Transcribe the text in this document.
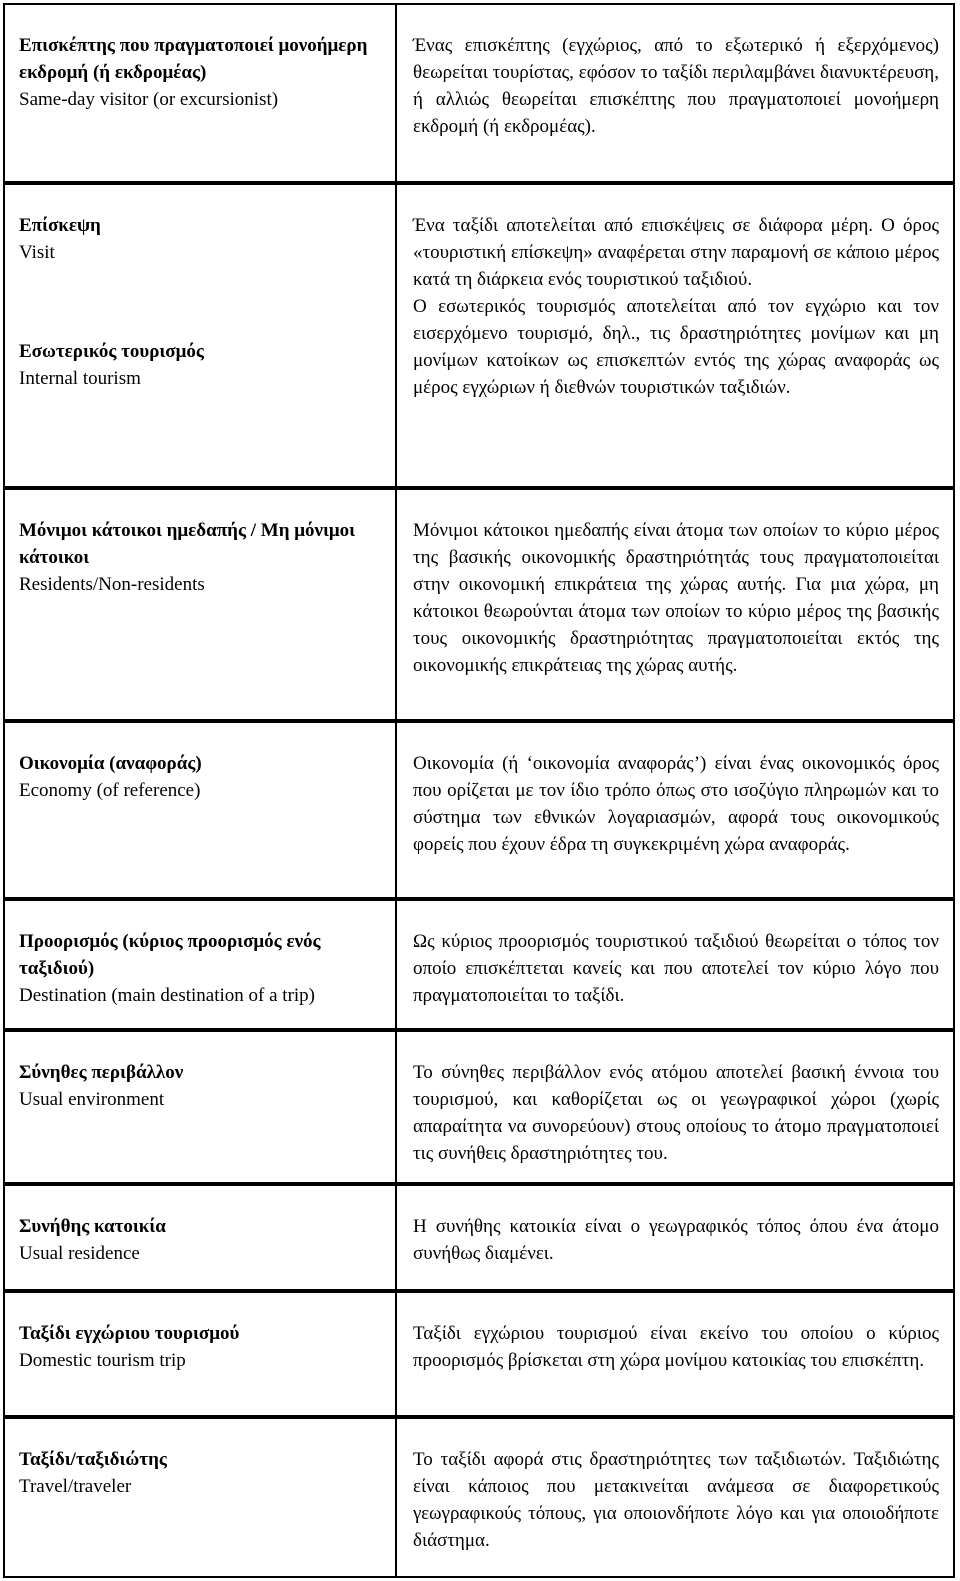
Επισκέπτης που πραγματοποιεί μονοήμερη εκδρομή (ή εκδρομέας)
Same-day visitor (or excursionist)

Ένας επισκέπτης (εγχώριος, από το εξωτερικό ή εξερχόμενος) θεωρείται τουρίστας, εφόσον το ταξίδι περιλαμβάνει διανυκτέρευση, ή αλλιώς θεωρείται επισκέπτης που πραγματοποιεί μονοήμερη εκδρομή (ή εκδρομέας).

Επίσκεψη
Visit
Εσωτερικός τουρισμός
Internal tourism

Ένα ταξίδι αποτελείται από επισκέψεις σε διάφορα μέρη. Ο όρος «τουριστική επίσκεψη» αναφέρεται στην παραμονή σε κάποιο μέρος κατά τη διάρκεια ενός τουριστικού ταξιδιού.

Ο εσωτερικός τουρισμός αποτελείται από τον εγχώριο και τον εισερχόμενο τουρισμό, δηλ., τις δραστηριότητες μονίμων και μη μονίμων κατοίκων ως επισκεπτών εντός της χώρας αναφοράς ως μέρος εγχώριων ή διεθνών τουριστικών ταξιδιών.

Μόνιμοι κάτοικοι ημεδαπής / Μη μόνιμοι κάτοικοι
Residents/Non-residents

Μόνιμοι κάτοικοι ημεδαπής είναι άτομα των οποίων το κύριο μέρος της βασικής οικονομικής δραστηριότητάς τους πραγματοποιείται στην οικονομική επικράτεια της χώρας αυτής. Για μια χώρα, μη κάτοικοι θεωρούνται άτομα των οποίων το κύριο μέρος της βασικής τους οικονομικής δραστηριότητας πραγματοποιείται εκτός της οικονομικής επικράτειας της χώρας αυτής.

Οικονομία (αναφοράς)
Economy (of reference)

Οικονομία (ή ‘οικονομία αναφοράς’) είναι ένας οικονομικός όρος που ορίζεται με τον ίδιο τρόπο όπως στο ισοζύγιο πληρωμών και το σύστημα των εθνικών λογαριασμών, αφορά τους οικονομικούς φορείς που έχουν έδρα τη συγκεκριμένη χώρα αναφοράς.

Προορισμός (κύριος προορισμός ενός ταξιδιού)
Destination (main destination of a trip)

Ως κύριος προορισμός τουριστικού ταξιδιού θεωρείται ο τόπος τον οποίο επισκέπτεται κανείς και που αποτελεί τον κύριο λόγο που πραγματοποιείται το ταξίδι.

Σύνηθες περιβάλλον
Usual environment

Το σύνηθες περιβάλλον ενός ατόμου αποτελεί βασική έννοια του τουρισμού, και καθορίζεται ως οι γεωγραφικοί χώροι (χωρίς απαραίτητα να συνορεύουν) στους οποίους το άτομο πραγματοποιεί τις συνήθεις δραστηριότητες του.

Συνήθης κατοικία
Usual residence

Η συνήθης κατοικία είναι ο γεωγραφικός τόπος όπου ένα άτομο συνήθως διαμένει.

Ταξίδι εγχώριου τουρισμού
Domestic tourism trip

Ταξίδι εγχώριου τουρισμού είναι εκείνο του οποίου ο κύριος προορισμός βρίσκεται στη χώρα μονίμου κατοικίας του επισκέπτη.

Ταξίδι/ταξιδιώτης
Travel/traveler

Το ταξίδι αφορά στις δραστηριότητες των ταξιδιωτών. Ταξιδιώτης είναι κάποιος που μετακινείται ανάμεσα σε διαφορετικούς γεωγραφικούς τόπους, για οποιονδήποτε λόγο και για οποιοδήποτε διάστημα.
